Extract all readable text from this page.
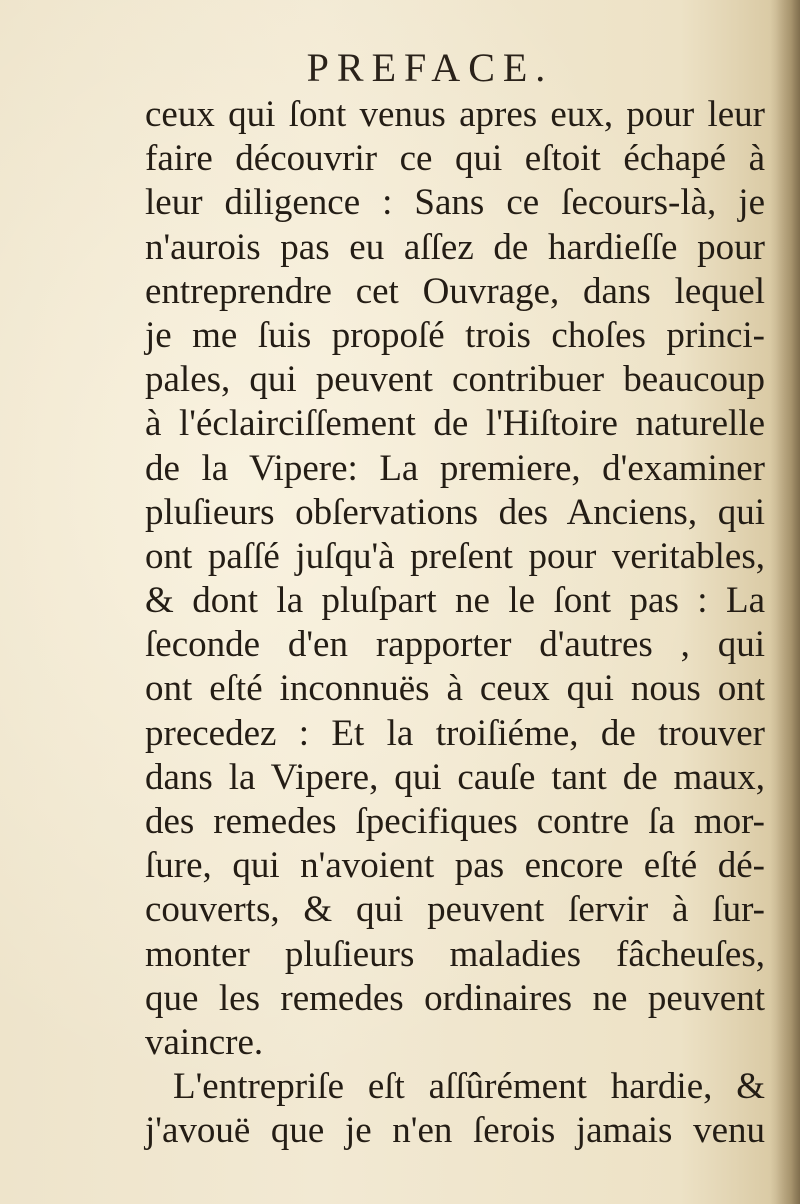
PREFACE.
ceux qui ſont venus apres eux, pour leur
faire découvrir ce qui eſtoit échapé à
leur diligence : Sans ce ſecours-là, je
n'aurois pas eu aſſez de hardieſſe pour
entreprendre cet Ouvrage, dans lequel
je me ſuis propoſé trois choſes princi-
pales, qui peuvent contribuer beaucoup
à l'éclairciſſement de l'Hiſtoire naturelle
de la Vipere: La premiere, d'examiner
pluſieurs obſervations des Anciens, qui
ont paſſé juſqu'à preſent pour veritables,
& dont la pluſpart ne le ſont pas : La
ſeconde d'en rapporter d'autres , qui
ont eſté inconnuës à ceux qui nous ont
precedez : Et la troiſiéme, de trouver
dans la Vipere, qui cauſe tant de maux,
des remedes ſpecifiques contre ſa mor-
ſure, qui n'avoient pas encore eſté dé-
couverts, & qui peuvent ſervir à ſur-
monter pluſieurs maladies fâcheuſes,
que les remedes ordinaires ne peuvent
vaincre.
L'entrepriſe eſt aſſûrément hardie, &
j'avouë que je n'en ſerois jamais venu
